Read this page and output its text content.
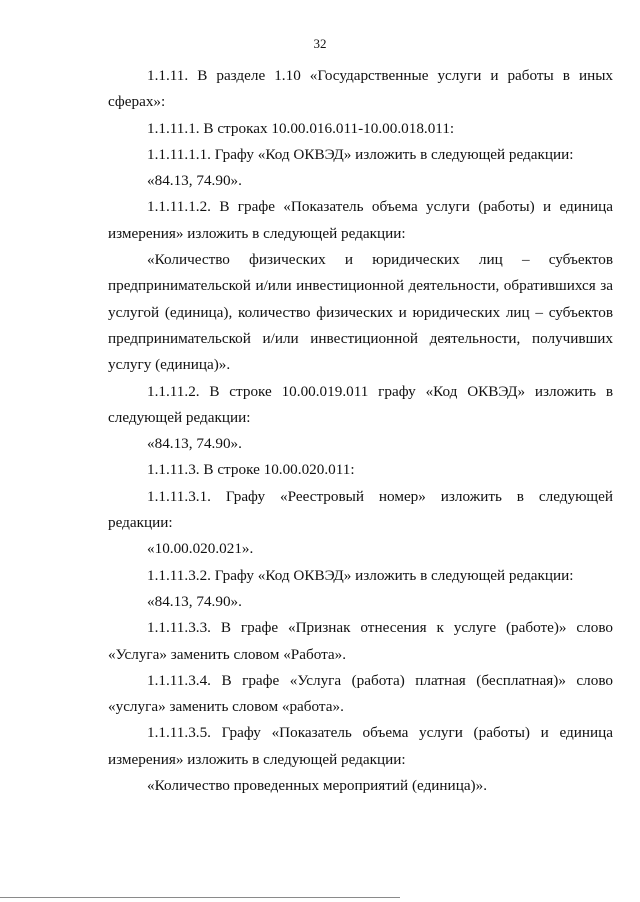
32

1.1.11. В разделе 1.10 «Государственные услуги и работы в иных сферах»:

1.1.11.1. В строках 10.00.016.011-10.00.018.011:

1.1.11.1.1. Графу «Код ОКВЭД» изложить в следующей редакции:

«84.13, 74.90».

1.1.11.1.2. В графе «Показатель объема услуги (работы) и единица измерения» изложить в следующей редакции:

«Количество физических и юридических лиц – субъектов предпринимательской и/или инвестиционной деятельности, обратившихся за услугой (единица), количество физических и юридических лиц – субъектов предпринимательской и/или инвестиционной деятельности, получивших услугу (единица)».

1.1.11.2. В строке 10.00.019.011 графу «Код ОКВЭД» изложить в следующей редакции:

«84.13, 74.90».

1.1.11.3. В строке 10.00.020.011:

1.1.11.3.1. Графу «Реестровый номер» изложить в следующей редакции:

«10.00.020.021».

1.1.11.3.2. Графу «Код ОКВЭД» изложить в следующей редакции:

«84.13, 74.90».

1.1.11.3.3. В графе «Признак отнесения к услуге (работе)» слово «Услуга» заменить словом «Работа».

1.1.11.3.4. В графе «Услуга (работа) платная (бесплатная)» слово «услуга» заменить словом «работа».

1.1.11.3.5. Графу «Показатель объема услуги (работы) и единица измерения» изложить в следующей редакции:

«Количество проведенных мероприятий (единица)».
